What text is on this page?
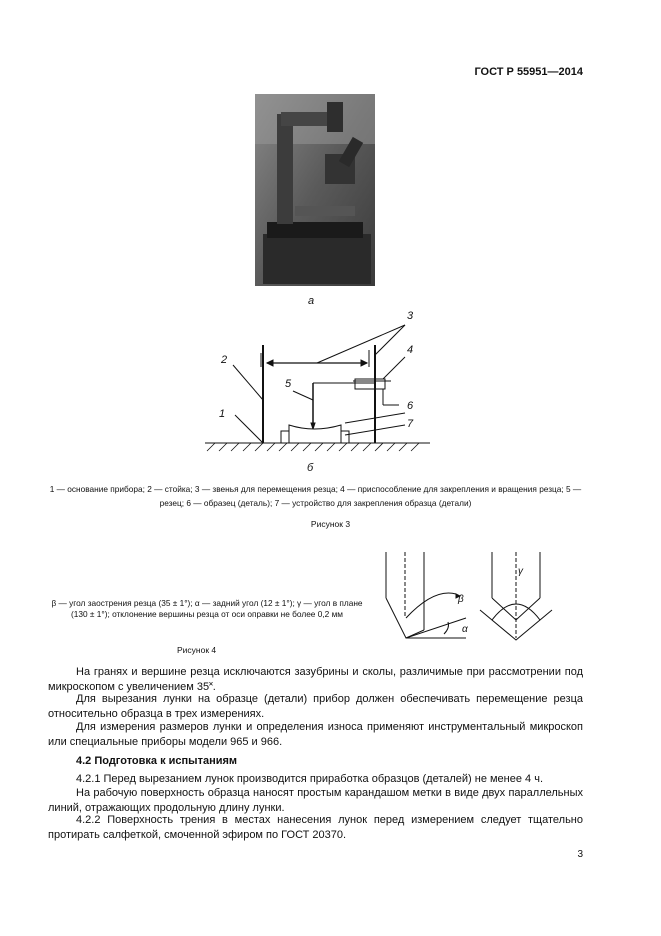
ГОСТ Р 55951—2014
а
1
2
3
4
5
6
7
б
1 — основание прибора; 2 — стойка; 3 — звенья для перемещения резца; 4 — приспособление для закрепления и вращения резца; 5 — резец; 6 — образец (деталь); 7 — устройство для закрепления образца (детали)
Рисунок 3
β — угол заострения резца (35 ± 1°); α — задний угол (12 ± 1°); γ — угол в плане (130 ± 1°); отклонение вершины резца от оси оправки не более 0,2 мм
Рисунок 4
β
α
γ

На гранях и вершине резца исключаются зазубрины и сколы, различимые при рассмотрении под микроскопом с увеличением 35˟.

Для вырезания лунки на образце (детали) прибор должен обеспечивать перемещение резца относительно образца в трех измерениях.

Для измерения размеров лунки и определения износа применяют инструментальный микроскоп или специальные приборы модели 965 и 966.

4.2 Подготовка к испытаниям

4.2.1 Перед вырезанием лунок производится приработка образцов (деталей) не менее 4 ч.

На рабочую поверхность образца наносят простым карандашом метки в виде двух параллельных линий, отражающих продольную длину лунки.

4.2.2 Поверхность трения в местах нанесения лунок перед измерением следует тщательно протирать салфеткой, смоченной эфиром по ГОСТ 20370.

3
